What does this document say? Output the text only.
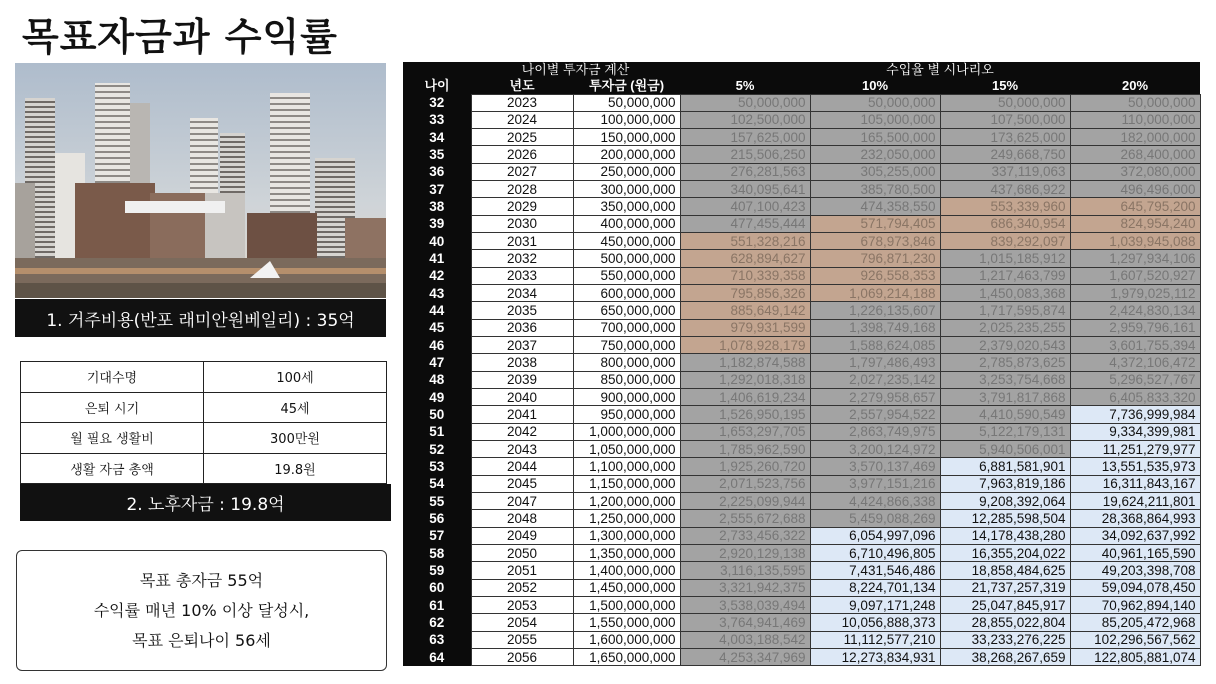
목표자금과 수익률
1. 거주비용(반포 래미안원베일리) : 35억
기대수명	100세
은퇴 시기	45세
월 필요 생활비	300만원
생활 자금 총액	19.8원
2. 노후자금 : 19.8억
목표 총자금 55억
수익률 매년 10% 이상 달성시,
목표 은퇴나이 56세
	나이별 투자금 계산		수입율 별 시나리오			
나이	년도	투자금 (원금)	5%	10%	15%	20%
32	2023	50,000,000	50,000,000	50,000,000	50,000,000	50,000,000
33	2024	100,000,000	102,500,000	105,000,000	107,500,000	110,000,000
34	2025	150,000,000	157,625,000	165,500,000	173,625,000	182,000,000
35	2026	200,000,000	215,506,250	232,050,000	249,668,750	268,400,000
36	2027	250,000,000	276,281,563	305,255,000	337,119,063	372,080,000
37	2028	300,000,000	340,095,641	385,780,500	437,686,922	496,496,000
38	2029	350,000,000	407,100,423	474,358,550	553,339,960	645,795,200
39	2030	400,000,000	477,455,444	571,794,405	686,340,954	824,954,240
40	2031	450,000,000	551,328,216	678,973,846	839,292,097	1,039,945,088
41	2032	500,000,000	628,894,627	796,871,230	1,015,185,912	1,297,934,106
42	2033	550,000,000	710,339,358	926,558,353	1,217,463,799	1,607,520,927
43	2034	600,000,000	795,856,326	1,069,214,188	1,450,083,368	1,979,025,112
44	2035	650,000,000	885,649,142	1,226,135,607	1,717,595,874	2,424,830,134
45	2036	700,000,000	979,931,599	1,398,749,168	2,025,235,255	2,959,796,161
46	2037	750,000,000	1,078,928,179	1,588,624,085	2,379,020,543	3,601,755,394
47	2038	800,000,000	1,182,874,588	1,797,486,493	2,785,873,625	4,372,106,472
48	2039	850,000,000	1,292,018,318	2,027,235,142	3,253,754,668	5,296,527,767
49	2040	900,000,000	1,406,619,234	2,279,958,657	3,791,817,868	6,405,833,320
50	2041	950,000,000	1,526,950,195	2,557,954,522	4,410,590,549	7,736,999,984
51	2042	1,000,000,000	1,653,297,705	2,863,749,975	5,122,179,131	9,334,399,981
52	2043	1,050,000,000	1,785,962,590	3,200,124,972	5,940,506,001	11,251,279,977
53	2044	1,100,000,000	1,925,260,720	3,570,137,469	6,881,581,901	13,551,535,973
54	2045	1,150,000,000	2,071,523,756	3,977,151,216	7,963,819,186	16,311,843,167
55	2047	1,200,000,000	2,225,099,944	4,424,866,338	9,208,392,064	19,624,211,801
56	2048	1,250,000,000	2,555,672,688	5,459,088,269	12,285,598,504	28,368,864,993
57	2049	1,300,000,000	2,733,456,322	6,054,997,096	14,178,438,280	34,092,637,992
58	2050	1,350,000,000	2,920,129,138	6,710,496,805	16,355,204,022	40,961,165,590
59	2051	1,400,000,000	3,116,135,595	7,431,546,486	18,858,484,625	49,203,398,708
60	2052	1,450,000,000	3,321,942,375	8,224,701,134	21,737,257,319	59,094,078,450
61	2053	1,500,000,000	3,538,039,494	9,097,171,248	25,047,845,917	70,962,894,140
62	2054	1,550,000,000	3,764,941,469	10,056,888,373	28,855,022,804	85,205,472,968
63	2055	1,600,000,000	4,003,188,542	11,112,577,210	33,233,276,225	102,296,567,562
64	2056	1,650,000,000	4,253,347,969	12,273,834,931	38,268,267,659	122,805,881,074
